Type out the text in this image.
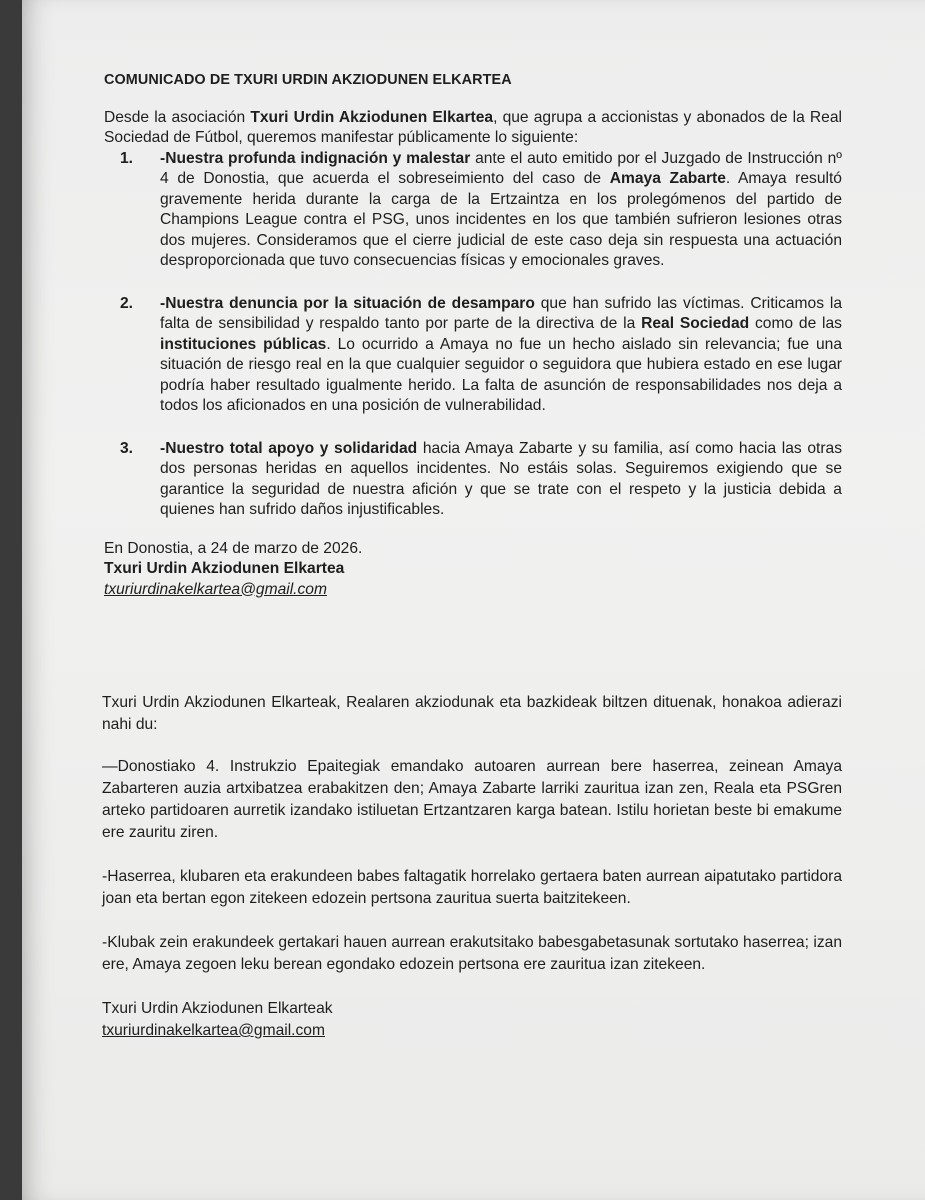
COMUNICADO DE TXURI URDIN AKZIODUNEN ELKARTEA

Desde la asociación Txuri Urdin Akziodunen Elkartea, que agrupa a accionistas y abonados de la Real Sociedad de Fútbol, queremos manifestar públicamente lo siguiente:

1.	-Nuestra profunda indignación y malestar ante el auto emitido por el Juzgado de Instrucción nº 4 de Donostia, que acuerda el sobreseimiento del caso de Amaya Zabarte. Amaya resultó gravemente herida durante la carga de la Ertzaintza en los prolegómenos del partido de Champions League contra el PSG, unos incidentes en los que también sufrieron lesiones otras dos mujeres. Consideramos que el cierre judicial de este caso deja sin respuesta una actuación desproporcionada que tuvo consecuencias físicas y emocionales graves.
2.	-Nuestra denuncia por la situación de desamparo que han sufrido las víctimas. Criticamos la falta de sensibilidad y respaldo tanto por parte de la directiva de la Real Sociedad como de las instituciones públicas. Lo ocurrido a Amaya no fue un hecho aislado sin relevancia; fue una situación de riesgo real en la que cualquier seguidor o seguidora que hubiera estado en ese lugar podría haber resultado igualmente herido. La falta de asunción de responsabilidades nos deja a todos los aficionados en una posición de vulnerabilidad.
3.	-Nuestro total apoyo y solidaridad hacia Amaya Zabarte y su familia, así como hacia las otras dos personas heridas en aquellos incidentes. No estáis solas. Seguiremos exigiendo que se garantice la seguridad de nuestra afición y que se trate con el respeto y la justicia debida a quienes han sufrido daños injustificables.
En Donostia, a 24 de marzo de 2026.
Txuri Urdin Akziodunen Elkartea
txuriurdinakelkartea@gmail.com

Txuri Urdin Akziodunen Elkarteak, Realaren akziodunak eta bazkideak biltzen dituenak, honakoa adierazi nahi du:

—Donostiako 4. Instrukzio Epaitegiak emandako autoaren aurrean bere haserrea, zeinean Amaya Zabarteren auzia artxibatzea erabakitzen den; Amaya Zabarte larriki zauritua izan zen, Reala eta PSGren arteko partidoaren aurretik izandako istiluetan Ertzantzaren karga batean. Istilu horietan beste bi emakume ere zauritu ziren.

-Haserrea, klubaren eta erakundeen babes faltagatik horrelako gertaera baten aurrean aipatutako partidora joan eta bertan egon zitekeen edozein pertsona zauritua suerta baitzitekeen.

-Klubak zein erakundeek gertakari hauen aurrean erakutsitako babesgabetasunak sortutako haserrea; izan ere, Amaya zegoen leku berean egondako edozein pertsona ere zauritua izan zitekeen.

Txuri Urdin Akziodunen Elkarteak
txuriurdinakelkartea@gmail.com
